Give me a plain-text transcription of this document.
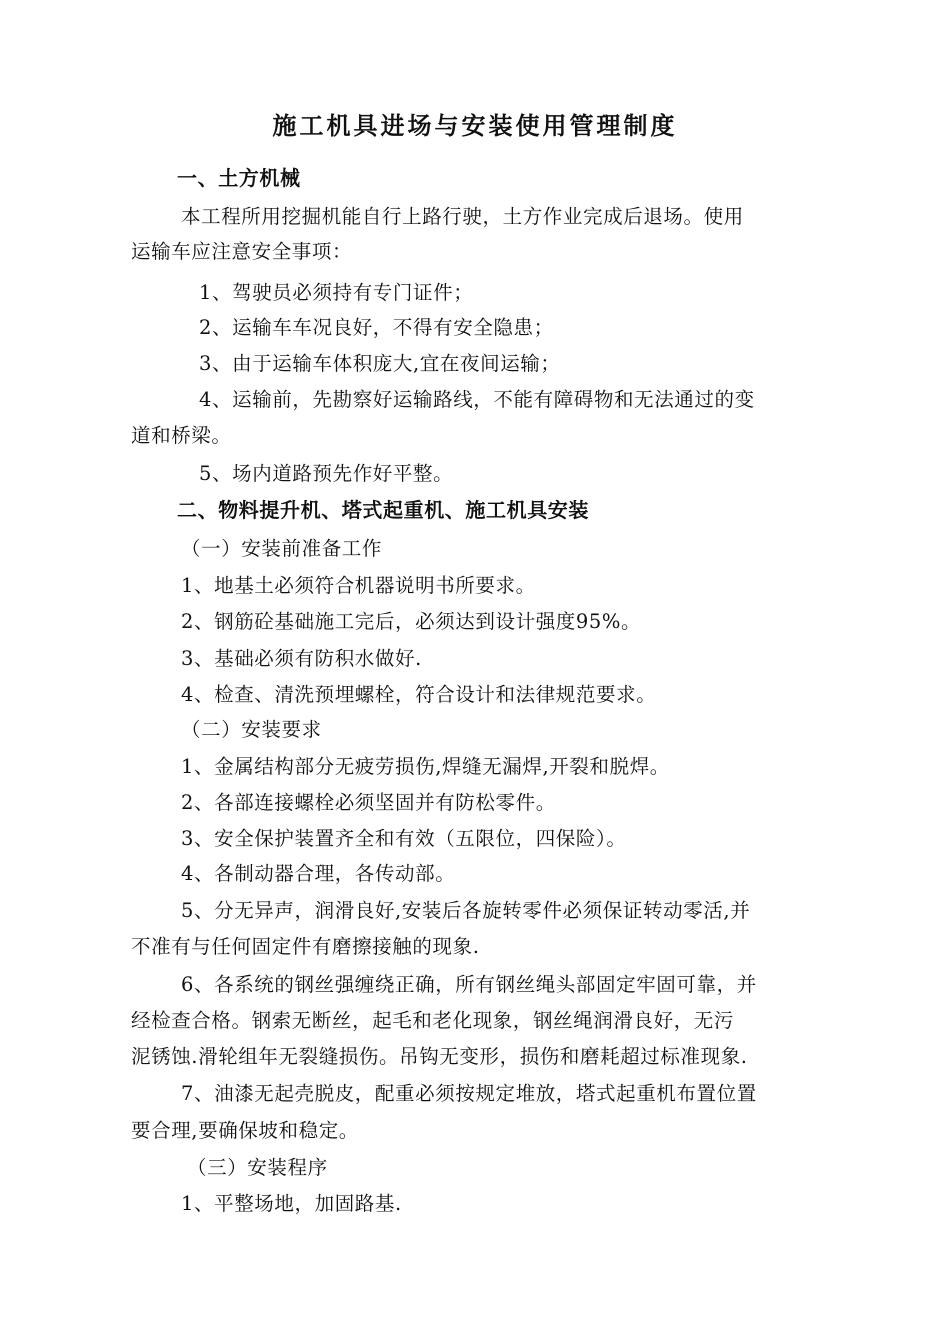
施工机具进场与安装使用管理制度
一、土方机械
本工程所用挖掘机能自行上路行驶，土方作业完成后退场。使用
运输车应注意安全事项：
1、驾驶员必须持有专门证件；
2、运输车车况良好，不得有安全隐患；
3、由于运输车体积庞大,宜在夜间运输；
4、运输前，先勘察好运输路线，不能有障碍物和无法通过的变
道和桥梁。
5、场内道路预先作好平整。
二、物料提升机、塔式起重机、施工机具安装
（一）安装前准备工作
1、地基土必须符合机器说明书所要求。
2、钢筋砼基础施工完后，必须达到设计强度95%。
3、基础必须有防积水做好.
4、检查、清洗预埋螺栓，符合设计和法律规范要求。
（二）安装要求
1、金属结构部分无疲劳损伤,焊缝无漏焊,开裂和脱焊。
2、各部连接螺栓必须坚固并有防松零件。
3、安全保护装置齐全和有效（五限位，四保险）。
4、各制动器合理，各传动部。
5、分无异声，润滑良好,安装后各旋转零件必须保证转动零活,并
不准有与任何固定件有磨擦接触的现象.
6、各系统的钢丝强缠绕正确，所有钢丝绳头部固定牢固可靠，并
经检查合格。钢索无断丝，起毛和老化现象，钢丝绳润滑良好，无污
泥锈蚀.滑轮组年无裂缝损伤。吊钩无变形，损伤和磨耗超过标准现象.
7、油漆无起壳脱皮，配重必须按规定堆放，塔式起重机布置位置
要合理,要确保坡和稳定。
（三）安装程序
1、平整场地，加固路基.
